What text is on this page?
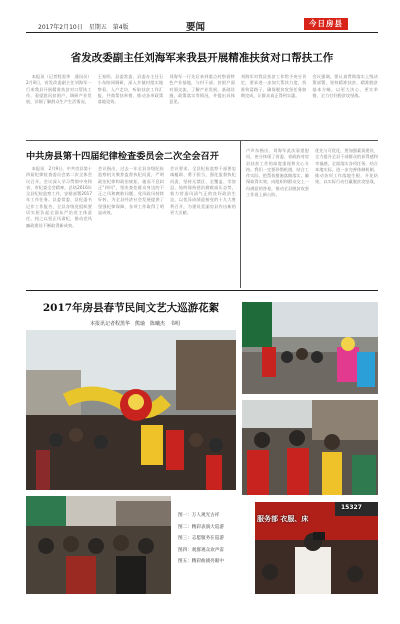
2017年2月10日　星期五　第4版	要闻	今日房县
省发改委副主任刘海军来我县开展精准扶贫对口帮扶工作

　本报讯（记者程黑华　通讯员）2月8日，省发改委副主任刘海军一行来我县开展精准扶贫对口帮扶工作，看望慰问贫困户，调研产业发展，详细了解群众生产生活情况。

王家明、县委常委、县委办主任石小东陪同调研，深入乡镇村组实地察看，入户走访，听取扶贫工作汇报，共商帮扶举措，推动各项政策落地见效。

刘海军一行先后来到重点村察看特色产业基地，与村干部、贫困户面对面交流，了解产业发展、基础设施、政策落实等情况，并提出具体意见。

刘海军对我县扶贫工作给予充分肯定，要求进一步加大帮扶力度，找准致富路子，确保脱贫攻坚任务如期完成，让群众真正得到实惠。

会议强调，要认真贯彻落实上级决策部署，坚持精准扶贫、精准脱贫基本方略，以更大决心、更实举措，全力打好脱贫攻坚战。

中共房县第十四届纪律检查委员会二次全会召开

　本报讯　2月9日，中共房县第十四届纪律检查委员会第二次全体会议召开。会议深入学习贯彻中央和省、市纪委全会精神，总结2016年全县纪检监察工作，安排部署2017年工作任务。县委常委、县纪委书记作工作报告，全县各级党组织要切实担负起全面从严治党主体责任，持之以恒正风肃纪，推动党风廉政建设不断取得新成效。

会议指出，过去一年全县各级纪检监察机关聚焦监督执纪问责，严明政治纪律和政治规矩，驰而不息纠正"四风"，坚决查处群众身边的不正之风和腐败问题，党风政风持续好转，为全县经济社会发展提供了坚强纪律保障，各项工作取得了明显成效。

会议要求，全县纪检监察干部要忠诚履职、勇于担当，强化监督执纪问责，坚持无禁区、全覆盖、零容忍，始终保持惩治腐败高压态势，着力营造风清气正的良好政治生态，以优异成绩迎接党的十九大胜利召开，为建设美丽房县作出新的更大贡献。

卢声东指出，刘海军此次看望慰问，充分体现了省委、省政府对房县扶贫工作的高度重视和关心支持。我们一定要珍惜机遇，结合工作实际，把帮扶措施落细落实，确保取得实效，向组织和群众交上一份满意的答卷，推动全县脱贫攻坚工作再上新台阶。

优先与可优化，要加强素质建设，全力提升全县干部群众的获得感和幸福感，全面落实各项任务，结合本地实际，进一步完善体制机制，推动各项工作落地生根、开花结果，以实际行动打赢脱贫攻坚战。

2017年房县春节民间文艺大巡游花絮
本报讯记者程黑华　熊瑜　陈曦杰　书明
图一：万人观光古祥
图二：精彩表演大巡游
图三：志愿服务在巡游
图四：观群观众欢声雷
图五：精彩曲剧亮眼中
服务部 衣服、床
15327
